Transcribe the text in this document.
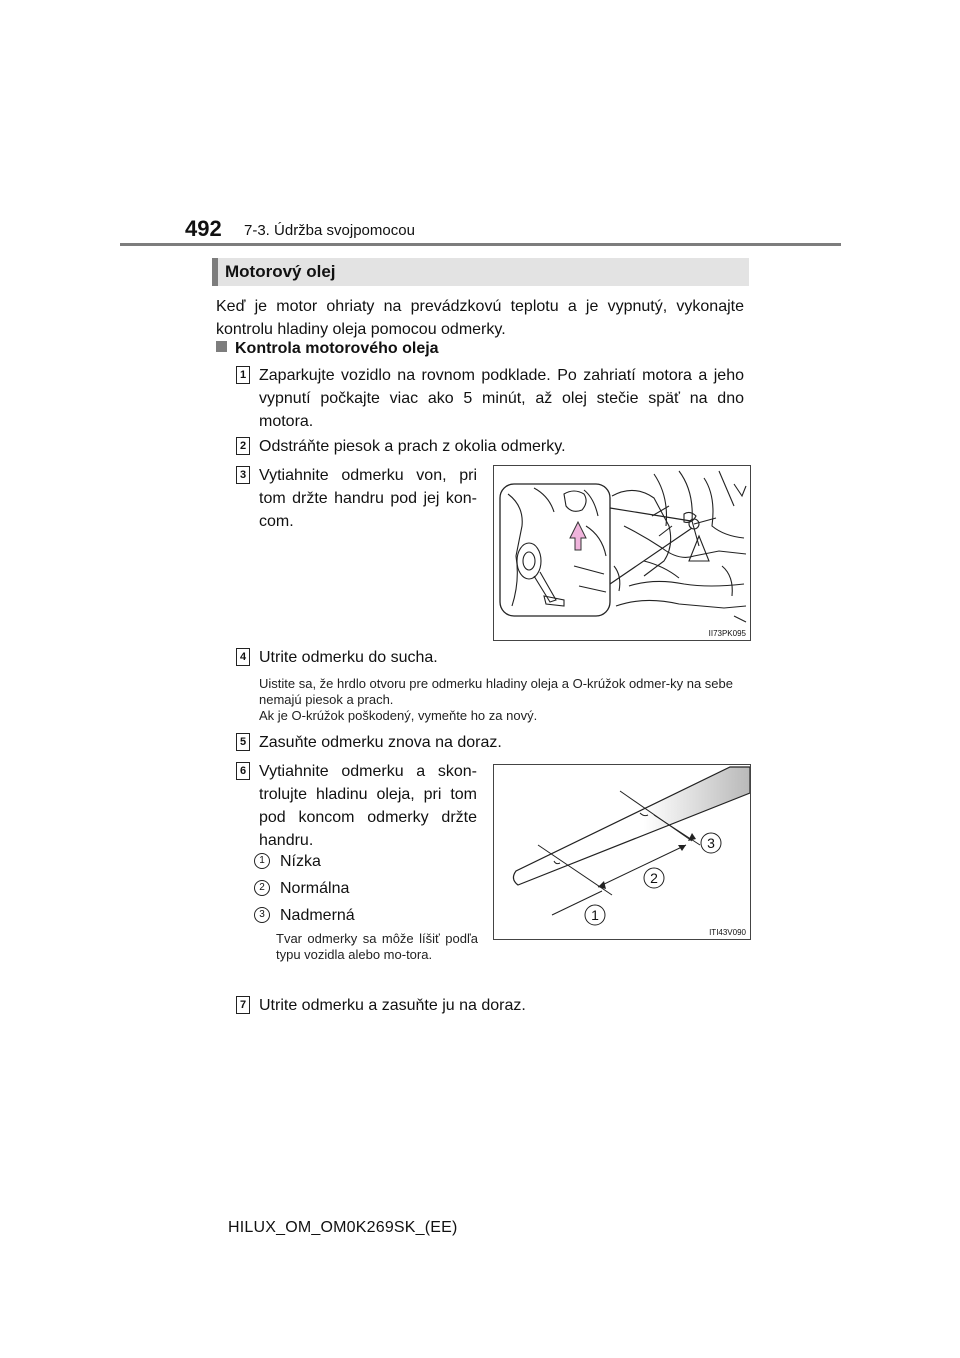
492 7-3. Údržba svojpomocou
Motorový olej
Keď je motor ohriaty na prevádzkovú teplotu a je vypnutý, vykonajte kontrolu hladiny oleja pomocou odmerky.
Kontrola motorového oleja
1 Zaparkujte vozidlo na rovnom podklade. Po zahriatí motora a jeho vypnutí počkajte viac ako 5 minút, až olej stečie späť na dno motora.
2 Odstráňte piesok a prach z okolia odmerky.
3 Vytiahnite odmerku von, pri tom držte handru pod jej kon-com.
II73PK095
4 Utrite odmerku do sucha.
Uistite sa, že hrdlo otvoru pre odmerku hladiny oleja a O-krúžok odmer-ky na sebe nemajú piesok a prach.
Ak je O-krúžok poškodený, vymeňte ho za nový.
5 Zasuňte odmerku znova na doraz.
6 Vytiahnite odmerku a skon-trolujte hladinu oleja, pri tom pod koncom odmerky držte handru.
1 Nízka
2 Normálna
3 Nadmerná
Tvar odmerky sa môže líšiť podľa typu vozidla alebo mo-tora.
1
2
3
ITI43V090
7 Utrite odmerku a zasuňte ju na doraz.
HILUX_OM_OM0K269SK_(EE)
